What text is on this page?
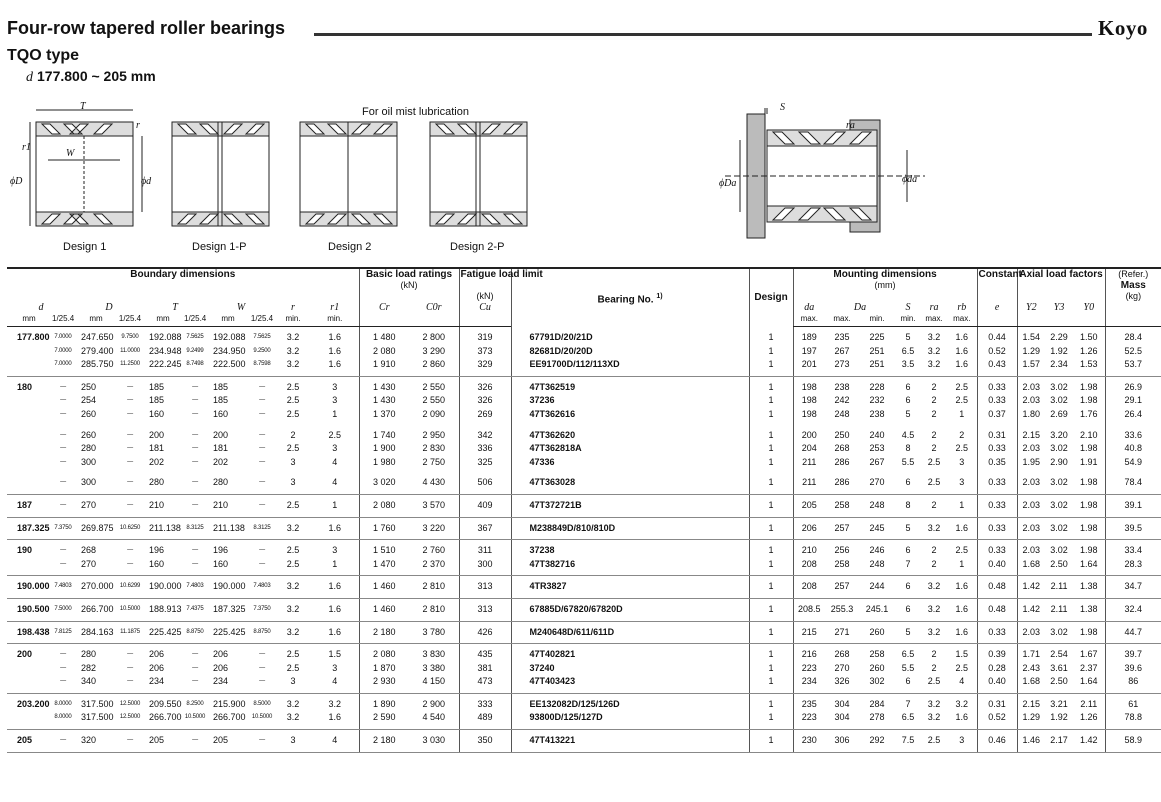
Four-row tapered roller bearings	Koyo
TQO type
d 177.800 ~ 205 mm
T
r
r1
W
ϕD	ϕd
Design 1	Design 1-P
For oil mist lubrication
Design 2	Design 2-P
S
ra
ϕDa	ϕda
Boundary dimensions										Basic load ratings
(kN)		Fatigue load limit	Bearing No. $^{1)}$	Design	Mounting dimensions
(mm)						Constant	Axial load factors			(Refer.)
Mass
(kg)
d		D		T		W		r	r1	Cr	C0r	(kN)
Cu			da	Da		S	ra	rb	e	Y2	Y3	Y0	
mm	1/25.4	mm	1/25.4	mm	1/25.4	mm	1/25.4	min.	min.						max.	max.	min.	min.	max.	max.					
177.800	7.0000	247.650	9.7500	192.088	7.5625	192.088	7.5625	3.2	1.6	1 480	2 800	319	67791D/20/21D	1	189	235	225	5	3.2	1.6	0.44	1.54	2.29	1.50	28.4
	7.0000	279.400	11.0000	234.948	9.2499	234.950	9.2500	3.2	1.6	2 080	3 290	373	82681D/20/20D	1	197	267	251	6.5	3.2	1.6	0.52	1.29	1.92	1.26	52.5
	7.0000	285.750	11.2500	222.245	8.7498	222.500	8.7598	3.2	1.6	1 910	2 860	329	EE91700D/112/113XD	1	201	273	251	3.5	3.2	1.6	0.43	1.57	2.34	1.53	53.7
180	—	250	—	185	—	185	—	2.5	3	1 430	2 550	326	47T362519	1	198	238	228	6	2	2.5	0.33	2.03	3.02	1.98	26.9
	—	254	—	185	—	185	—	2.5	3	1 430	2 550	326	37236	1	198	242	232	6	2	2.5	0.33	2.03	3.02	1.98	29.1
	—	260	—	160	—	160	—	2.5	1	1 370	2 090	269	47T362616	1	198	248	238	5	2	1	0.37	1.80	2.69	1.76	26.4
	—	260	—	200	—	200	—	2	2.5	1 740	2 950	342	47T362620	1	200	250	240	4.5	2	2	0.31	2.15	3.20	2.10	33.6
	—	280	—	181	—	181	—	2.5	3	1 900	2 830	336	47T362818A	1	204	268	253	8	2	2.5	0.33	2.03	3.02	1.98	40.8
	—	300	—	202	—	202	—	3	4	1 980	2 750	325	47336	1	211	286	267	5.5	2.5	3	0.35	1.95	2.90	1.91	54.9
	—	300	—	280	—	280	—	3	4	3 020	4 430	506	47T363028	1	211	286	270	6	2.5	3	0.33	2.03	3.02	1.98	78.4
187	—	270	—	210	—	210	—	2.5	1	2 080	3 570	409	47T372721B	1	205	258	248	8	2	1	0.33	2.03	3.02	1.98	39.1
187.325	7.3750	269.875	10.6250	211.138	8.3125	211.138	8.3125	3.2	1.6	1 760	3 220	367	M238849D/810/810D	1	206	257	245	5	3.2	1.6	0.33	2.03	3.02	1.98	39.5
190	—	268	—	196	—	196	—	2.5	3	1 510	2 760	311	37238	1	210	256	246	6	2	2.5	0.33	2.03	3.02	1.98	33.4
	—	270	—	160	—	160	—	2.5	1	1 470	2 370	300	47T382716	1	208	258	248	7	2	1	0.40	1.68	2.50	1.64	28.3
190.000	7.4803	270.000	10.6299	190.000	7.4803	190.000	7.4803	3.2	1.6	1 460	2 810	313	4TR3827	1	208	257	244	6	3.2	1.6	0.48	1.42	2.11	1.38	34.7
190.500	7.5000	266.700	10.5000	188.913	7.4375	187.325	7.3750	3.2	1.6	1 460	2 810	313	67885D/67820/67820D	1	208.5	255.3	245.1	6	3.2	1.6	0.48	1.42	2.11	1.38	32.4
198.438	7.8125	284.163	11.1875	225.425	8.8750	225.425	8.8750	3.2	1.6	2 180	3 780	426	M240648D/611/611D	1	215	271	260	5	3.2	1.6	0.33	2.03	3.02	1.98	44.7
200	—	280	—	206	—	206	—	2.5	1.5	2 080	3 830	435	47T402821	1	216	268	258	6.5	2	1.5	0.39	1.71	2.54	1.67	39.7
	—	282	—	206	—	206	—	2.5	3	1 870	3 380	381	37240	1	223	270	260	5.5	2	2.5	0.28	2.43	3.61	2.37	39.6
	—	340	—	234	—	234	—	3	4	2 930	4 150	473	47T403423	1	234	326	302	6	2.5	4	0.40	1.68	2.50	1.64	86
203.200	8.0000	317.500	12.5000	209.550	8.2500	215.900	8.5000	3.2	3.2	1 890	2 900	333	EE132082D/125/126D	1	235	304	284	7	3.2	3.2	0.31	2.15	3.21	2.11	61
	8.0000	317.500	12.5000	266.700	10.5000	266.700	10.5000	3.2	1.6	2 590	4 540	489	93800D/125/127D	1	223	304	278	6.5	3.2	1.6	0.52	1.29	1.92	1.26	78.8
205	—	320	—	205	—	205	—	3	4	2 180	3 030	350	47T413221	1	230	306	292	7.5	2.5	3	0.46	1.46	2.17	1.42	58.9
